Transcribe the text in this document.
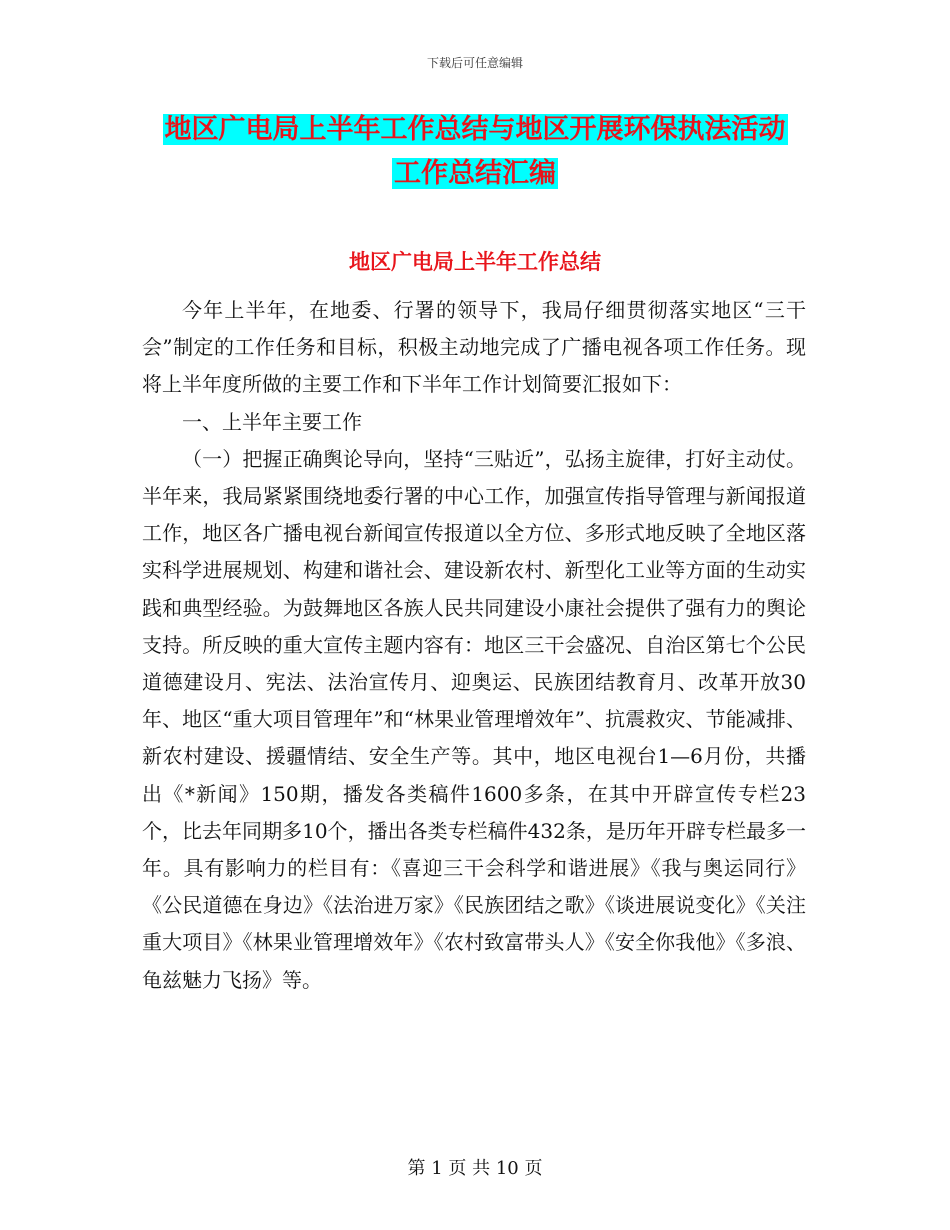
下载后可任意编辑
地区广电局上半年工作总结与地区开展环保执法活动
工作总结汇编
地区广电局上半年工作总结

今年上半年，在地委、行署的领导下，我局仔细贯彻落实地区“三干会”制定的工作任务和目标，积极主动地完成了广播电视各项工作任务。现将上半年度所做的主要工作和下半年工作计划简要汇报如下：

一、上半年主要工作

（一）把握正确舆论导向，坚持“三贴近”，弘扬主旋律，打好主动仗。半年来，我局紧紧围绕地委行署的中心工作，加强宣传指导管理与新闻报道工作，地区各广播电视台新闻宣传报道以全方位、多形式地反映了全地区落实科学进展规划、构建和谐社会、建设新农村、新型化工业等方面的生动实践和典型经验。为鼓舞地区各族人民共同建设小康社会提供了强有力的舆论支持。所反映的重大宣传主题内容有：地区三干会盛况、自治区第七个公民道德建设月、宪法、法治宣传月、迎奥运、民族团结教育月、改革开放30年、地区“重大项目管理年”和“林果业管理增效年”、抗震救灾、节能减排、新农村建设、援疆情结、安全生产等。其中，地区电视台1—6月份，共播出《*新闻》150期，播发各类稿件1600多条，在其中开辟宣传专栏23个，比去年同期多10个，播出各类专栏稿件432条，是历年开辟专栏最多一年。具有影响力的栏目有：《喜迎三干会科学和谐进展》《我与奥运同行》《公民道德在身边》《法治进万家》《民族团结之歌》《谈进展说变化》《关注重大项目》《林果业管理增效年》《农村致富带头人》《安全你我他》《多浪、龟兹魅力飞扬》等。

第 1 页 共 10 页
